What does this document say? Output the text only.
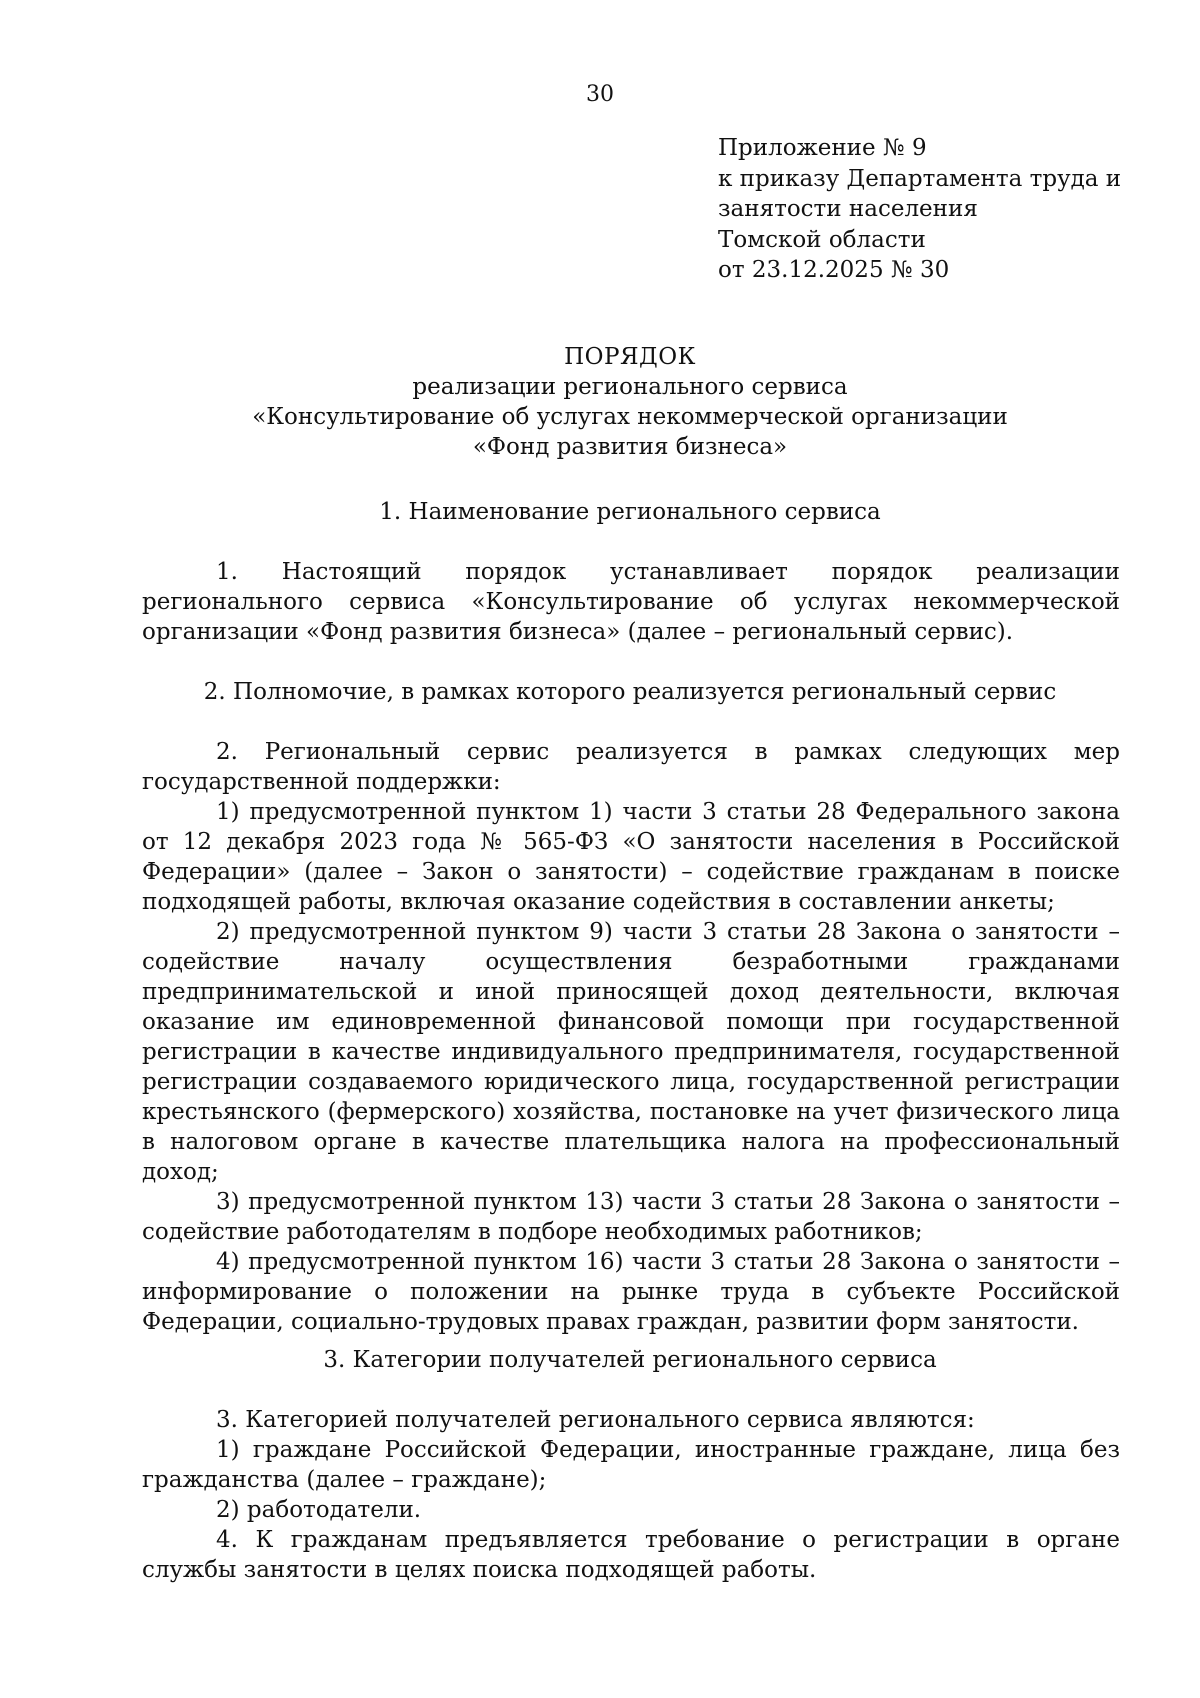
30
Приложение № 9
к приказу Департамента труда и
занятости населения
Томской области
от 23.12.2025 № 30
ПОРЯДОК
реализации регионального сервиса
«Консультирование об услугах некоммерческой организации
«Фонд развития бизнеса»
1. Наименование регионального сервиса
1. Настоящий порядок устанавливает порядок реализации регионального сервиса «Консультирование об услугах некоммерческой организации «Фонд развития бизнеса» (далее – региональный сервис).
2. Полномочие, в рамках которого реализуется региональный сервис
2. Региональный сервис реализуется в рамках следующих мер государственной поддержки:
1) предусмотренной пунктом 1) части 3 статьи 28 Федерального закона от 12 декабря 2023 года № 565-ФЗ «О занятости населения в Российской Федерации» (далее – Закон о занятости) – содействие гражданам в поиске подходящей работы, включая оказание содействия в составлении анкеты;
2) предусмотренной пунктом 9) части 3 статьи 28 Закона о занятости – содействие началу осуществления безработными гражданами предпринимательской и иной приносящей доход деятельности, включая оказание им единовременной финансовой помощи при государственной регистрации в качестве индивидуального предпринимателя, государственной регистрации создаваемого юридического лица, государственной регистрации крестьянского (фермерского) хозяйства, постановке на учет физического лица в налоговом органе в качестве плательщика налога на профессиональный доход;
3) предусмотренной пунктом 13) части 3 статьи 28 Закона о занятости – содействие работодателям в подборе необходимых работников;
4) предусмотренной пунктом 16) части 3 статьи 28 Закона о занятости – информирование о положении на рынке труда в субъекте Российской Федерации, социально-трудовых правах граждан, развитии форм занятости.
3. Категории получателей регионального сервиса
3. Категорией получателей регионального сервиса являются:
1) граждане Российской Федерации, иностранные граждане, лица без гражданства (далее – граждане);
2) работодатели.
4. К гражданам предъявляется требование о регистрации в органе службы занятости в целях поиска подходящей работы.
